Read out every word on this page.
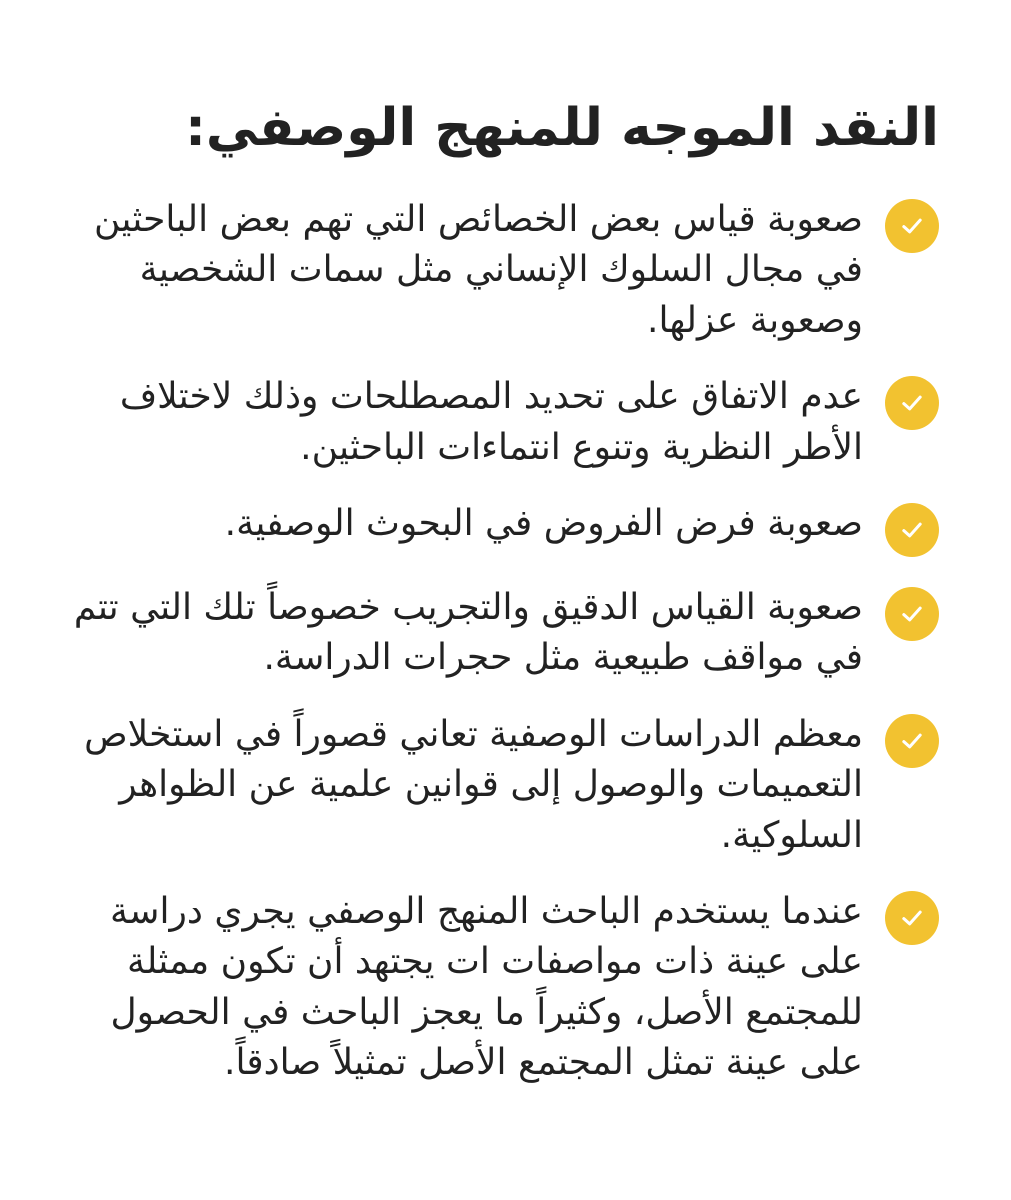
النقد الموجه للمنهج الوصفي:
صعوبة قياس بعض الخصائص التي تهم بعض الباحثين في مجال السلوك الإنساني مثل سمات الشخصية وصعوبة عزلها.
عدم الاتفاق على تحديد المصطلحات وذلك لاختلاف الأطر النظرية وتنوع انتماءات الباحثين.
صعوبة فرض الفروض في البحوث الوصفية.
صعوبة القياس الدقيق والتجريب خصوصاً تلك التي تتم في مواقف طبيعية مثل حجرات الدراسة.
معظم الدراسات الوصفية تعاني قصوراً في استخلاص التعميمات والوصول إلى قوانين علمية عن الظواهر السلوكية.
عندما يستخدم الباحث المنهج الوصفي يجري دراسة على عينة ذات مواصفات ات يجتهد أن تكون ممثلة للمجتمع الأصل، وكثيراً ما يعجز الباحث في الحصول على عينة تمثل المجتمع الأصل تمثيلاً صادقاً.
